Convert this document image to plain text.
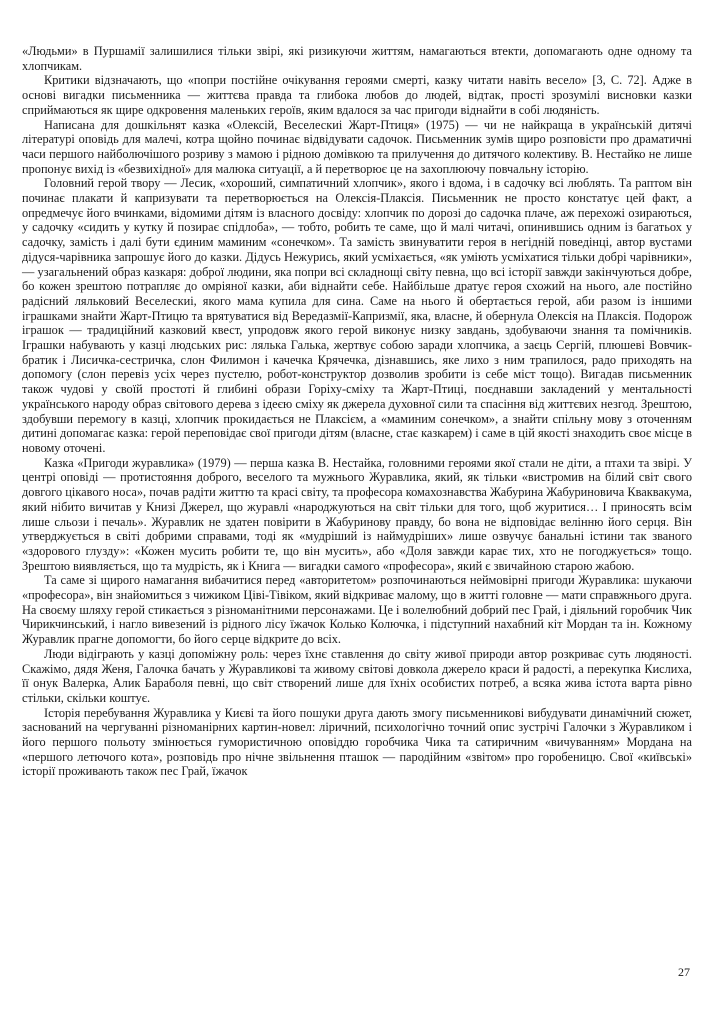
«Людьми» в Пуршамії залишилися тільки звірі, які ризикуючи життям, намагаються втекти, допомагають одне одному та хлопчикам.

Критики відзначають, що «попри постійне очікування героями смерті, казку читати навіть весело» [3, С. 72]. Адже в основі вигадки письменника — життєва правда та глибока любов до людей, відтак, прості зрозумілі висновки казки сприймаються як щире одкровення маленьких героїв, яким вдалося за час пригоди віднайти в собі людяність.

Написана для дошкільнят казка «Олексій, Веселескиі Жарт-Птиця» (1975) — чи не найкраща в українській дитячі літературі оповідь для малечі, котра щойно починає відвідувати садочок. Письменник зумів щиро розповісти про драматичні часи першого найболючішого розриву з мамою і рідною домівкою та прилучення до дитячого колективу. В. Нестайко не лише пропонує вихід із «безвихідної» для малюка ситуації, а й перетворює це на захоплюючу повчальну історію.

Головний герой твору — Лесик, «хороший, симпатичний хлопчик», якого і вдома, і в садочку всі люблять. Та раптом він починає плакати й капризувати та перетворюється на Олексія-Плаксія. Письменник не просто констатує цей факт, а опредмечує його вчинками, відомими дітям із власного досвіду: хлопчик по дорозі до садочка плаче, аж перехожі озираються, у садочку «сидить у кутку й позирає спідлоба», — тобто, робить те саме, що й малі читачі, опинившись одним із багатьох у садочку, замість і далі бути єдиним маминим «сонечком». Та замість звинуватити героя в негідній поведінці, автор вустами дідуся-чарівника запрошує його до казки. Дідусь Нежурись, який усміхається, «як уміють усміхатися тільки добрі чарівники», — узагальнений образ казкаря: доброї людини, яка попри всі складнощі світу певна, що всі історії завжди закінчуються добре, бо кожен зрештою потрапляє до омріяної казки, аби віднайти себе. Найбільше дратує героя схожий на нього, але постійно радісний ляльковий Веселескиі, якого мама купила для сина. Саме на нього й обертається герой, аби разом із іншими іграшками знайти Жарт-Птицю та врятуватися від Вередазмії-Капризмії, яка, власне, й обернула Олексія на Плаксія. Подорож іграшок — традиційний казковий квест, упродовж якого герой виконує низку завдань, здобуваючи знання та помічників. Іграшки набувають у казці людських рис: лялька Галька, жертвує собою заради хлопчика, а заєць Сергій, плюшеві Вовчик-братик і Лисичка-сестричка, слон Филимон і качечка Крячечка, дізнавшись, яке лихо з ним трапилося, радо приходять на допомогу (слон перевіз усіх через пустелю, робот-конструктор дозволив зробити із себе міст тощо). Вигадав письменник також чудові у своїй простоті й глибині образи Горіху-сміху та Жарт-Птиці, поєднавши закладений у ментальності українського народу образ світового дерева з ідеєю сміху як джерела духовної сили та спасіння від життєвих незгод. Зрештою, здобувши перемогу в казці, хлопчик прокидається не Плаксієм, а «маминим сонечком», а знайти спільну мову з оточенням дитині допомагає казка: герой переповідає свої пригоди дітям (власне, стає казкарем) і саме в цій якості знаходить своє місце в новому оточені.

Казка «Пригоди журавлика» (1979) — перша казка В. Нестайка, головними героями якої стали не діти, а птахи та звірі. У центрі оповіді — протистояння доброго, веселого та мужнього Журавлика, який, як тільки «вистромив на білий світ свого довгого цікавого носа», почав радіти життю та красі світу, та професора комахознавства Жабурина Жабуриновича Кваквакума, який нібито вичитав у Книзі Джерел, що журавлі «народжуються на світ тільки для того, щоб журитися… І приносять всім лише сльози і печаль». Журавлик не здатен повірити в Жабуринову правду, бо вона не відповідає велінню його серця. Він утверджується в світі добрими справами, тоді як «мудріший із наймудріших» лише озвучує банальні істини так званого «здорового глузду»: «Кожен мусить робити те, що він мусить», або «Доля завжди карає тих, хто не погоджується» тощо. Зрештою виявляється, що та мудрість, як і Книга — вигадки самого «професора», який є звичайною старою жабою.

Та саме зі щирого намагання вибачитися перед «авторитетом» розпочинаються неймовірні пригоди Журавлика: шукаючи «професора», він знайомиться з чижиком Ціві-Тівіком, який відкриває малому, що в житті головне — мати справжнього друга. На своєму шляху герой стикається з різноманітними персонажами. Це і волелюбний добрий пес Грай, і діяльний горобчик Чик Чирикчинський, і нагло вивезений із рідного лісу їжачок Колько Колючка, і підступний нахабний кіт Мордан та ін. Кожному Журавлик прагне допомогти, бо його серце відкрите до всіх.

Люди відіграють у казці допоміжну роль: через їхнє ставлення до світу живої природи автор розкриває суть людяності. Скажімо, дядя Женя, Галочка бачать у Журавликові та живому світові довкола джерело краси й радості, а перекупка Кислиха, її онук Валерка, Алик Бараболя певні, що світ створений лише для їхніх особистих потреб, а всяка жива істота варта рівно стільки, скільки коштує.

Історія перебування Журавлика у Києві та його пошуки друга дають змогу письменникові вибудувати динамічний сюжет, заснований на чергуванні різноманірних картин-новел: ліричний, психологічно точний опис зустрічі Галочки з Журавликом і його першого польоту змінюється гумористичною оповіддю горобчика Чика та сатиричним «вичуванням» Мордана на «першого летючого кота», розповідь про нічне звільнення пташок — пародійним «звітом» про горобеницю. Свої «київські» історії проживають також пес Грай, їжачок

27
